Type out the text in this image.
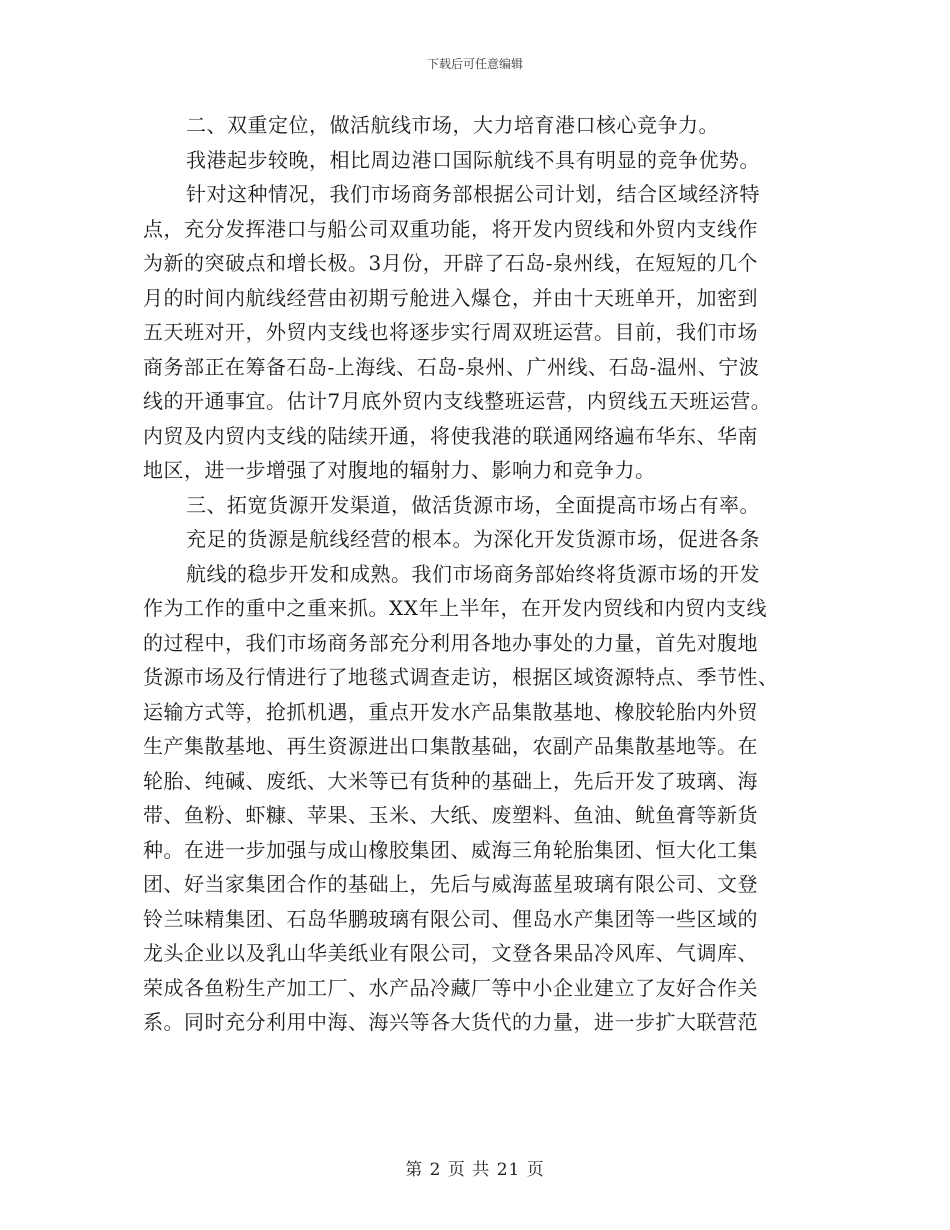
下载后可任意编辑
二、双重定位，做活航线市场，大力培育港口核心竞争力。
我港起步较晚，相比周边港口国际航线不具有明显的竞争优势。
针对这种情况，我们市场商务部根据公司计划，结合区域经济特
点，充分发挥港口与船公司双重功能，将开发内贸线和外贸内支线作
为新的突破点和增长极。3月份，开辟了石岛-泉州线，在短短的几个
月的时间内航线经营由初期亏舱进入爆仓，并由十天班单开，加密到
五天班对开，外贸内支线也将逐步实行周双班运营。目前，我们市场
商务部正在筹备石岛-上海线、石岛-泉州、广州线、石岛-温州、宁波
线的开通事宜。估计7月底外贸内支线整班运营，内贸线五天班运营。
内贸及内贸内支线的陆续开通，将使我港的联通网络遍布华东、华南
地区，进一步增强了对腹地的辐射力、影响力和竞争力。
三、拓宽货源开发渠道，做活货源市场，全面提高市场占有率。
充足的货源是航线经营的根本。为深化开发货源市场，促进各条
航线的稳步开发和成熟。我们市场商务部始终将货源市场的开发
作为工作的重中之重来抓。XX年上半年，在开发内贸线和内贸内支线
的过程中，我们市场商务部充分利用各地办事处的力量，首先对腹地
货源市场及行情进行了地毯式调查走访，根据区域资源特点、季节性、
运输方式等，抢抓机遇，重点开发水产品集散基地、橡胶轮胎内外贸
生产集散基地、再生资源进出口集散基础，农副产品集散基地等。在
轮胎、纯碱、废纸、大米等已有货种的基础上，先后开发了玻璃、海
带、鱼粉、虾糠、苹果、玉米、大纸、废塑料、鱼油、鱿鱼膏等新货
种。在进一步加强与成山橡胶集团、威海三角轮胎集团、恒大化工集
团、好当家集团合作的基础上，先后与威海蓝星玻璃有限公司、文登
铃兰味精集团、石岛华鹏玻璃有限公司、俚岛水产集团等一些区域的
龙头企业以及乳山华美纸业有限公司，文登各果品冷风库、气调库、
荣成各鱼粉生产加工厂、水产品冷藏厂等中小企业建立了友好合作关
系。同时充分利用中海、海兴等各大货代的力量，进一步扩大联营范
第 2 页 共 21 页
